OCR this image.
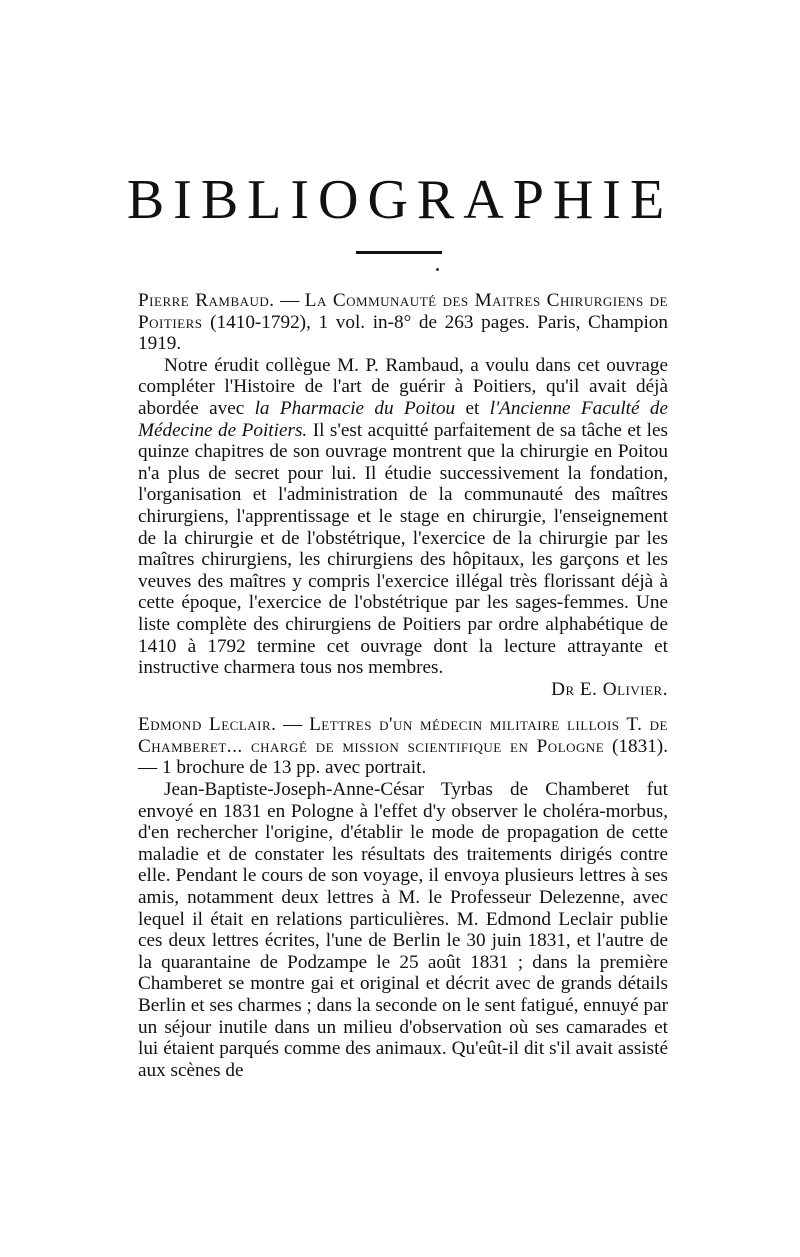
BIBLIOGRAPHIE

Pierre Rambaud. — La Communauté des Maitres Chirurgiens de Poitiers (1410-1792), 1 vol. in-8° de 263 pages. Paris, Champion 1919.

Notre érudit collègue M. P. Rambaud, a voulu dans cet ouvrage compléter l'Histoire de l'art de guérir à Poitiers, qu'il avait déjà abordée avec la Pharmacie du Poitou et l'Ancienne Faculté de Médecine de Poitiers. Il s'est acquitté parfaitement de sa tâche et les quinze chapitres de son ouvrage montrent que la chirurgie en Poitou n'a plus de secret pour lui. Il étudie successivement la fondation, l'organisation et l'administration de la communauté des maîtres chirurgiens, l'apprentissage et le stage en chirurgie, l'enseignement de la chirurgie et de l'obstétrique, l'exercice de la chirurgie par les maîtres chirurgiens, les chirurgiens des hôpitaux, les garçons et les veuves des maîtres y compris l'exercice illégal très florissant déjà à cette époque, l'exercice de l'obstétrique par les sages-femmes. Une liste complète des chirurgiens de Poitiers par ordre alphabétique de 1410 à 1792 termine cet ouvrage dont la lecture attrayante et instructive charmera tous nos membres.

Dr E. Olivier.

Edmond Leclair. — Lettres d'un médecin militaire lillois T. de Chamberet... chargé de mission scientifique en Pologne (1831). — 1 brochure de 13 pp. avec portrait.

Jean-Baptiste-Joseph-Anne-César Tyrbas de Chamberet fut envoyé en 1831 en Pologne à l'effet d'y observer le choléra-morbus, d'en rechercher l'origine, d'établir le mode de propagation de cette maladie et de constater les résultats des traitements dirigés contre elle. Pendant le cours de son voyage, il envoya plusieurs lettres à ses amis, notamment deux lettres à M. le Professeur Delezenne, avec lequel il était en relations particulières. M. Edmond Leclair publie ces deux lettres écrites, l'une de Berlin le 30 juin 1831, et l'autre de la quarantaine de Podzampe le 25 août 1831 ; dans la première Chamberet se montre gai et original et décrit avec de grands détails Berlin et ses charmes ; dans la seconde on le sent fatigué, ennuyé par un séjour inutile dans un milieu d'observation où ses camarades et lui étaient parqués comme des animaux. Qu'eût-il dit s'il avait assisté aux scènes de
